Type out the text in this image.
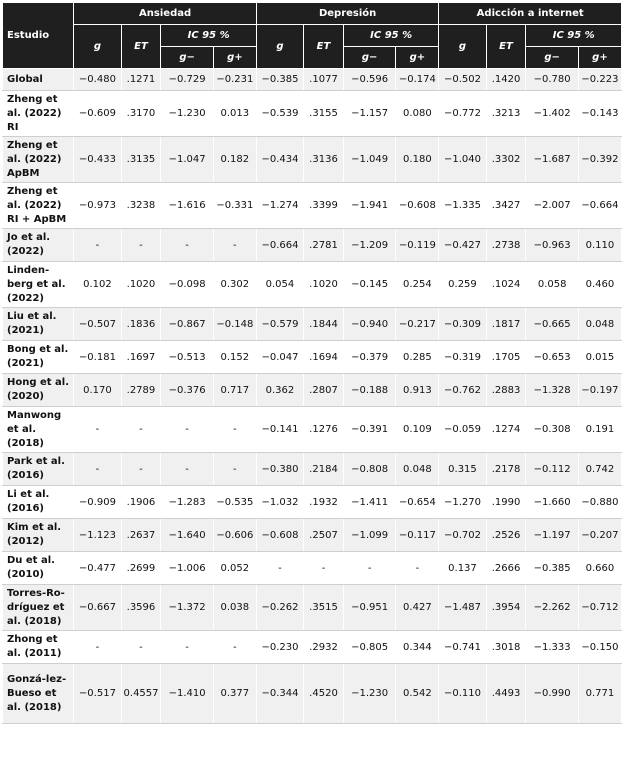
Estudio	Ansiedad				Depresión				Adicción a internet			
	g	ET	IC 95 %		g	ET	IC 95 %		g	ET	IC 95 %	
			g−	g+			g−	g+			g−	g+
Global	−0.480	.1271	−0.729	−0.231	−0.385	.1077	−0.596	−0.174	−0.502	.1420	−0.780	−0.223
Zheng et al. (2022) RI	−0.609	.3170	−1.230	0.013	−0.539	.3155	−1.157	0.080	−0.772	.3213	−1.402	−0.143
Zheng et al. (2022) ApBM	−0.433	.3135	−1.047	0.182	−0.434	.3136	−1.049	0.180	−1.040	.3302	−1.687	−0.392
Zheng et al. (2022) RI + ApBM	−0.973	.3238	−1.616	−0.331	−1.274	.3399	−1.941	−0.608	−1.335	.3427	−2.007	−0.664
Jo et al. (2022)	-	-	-	-	−0.664	.2781	−1.209	−0.119	−0.427	.2738	−0.963	0.110
Linden-berg et al. (2022)	0.102	.1020	−0.098	0.302	0.054	.1020	−0.145	0.254	0.259	.1024	0.058	0.460
Liu et al. (2021)	−0.507	.1836	−0.867	−0.148	−0.579	.1844	−0.940	−0.217	−0.309	.1817	−0.665	0.048
Bong et al. (2021)	−0.181	.1697	−0.513	0.152	−0.047	.1694	−0.379	0.285	−0.319	.1705	−0.653	0.015
Hong et al. (2020)	0.170	.2789	−0.376	0.717	0.362	.2807	−0.188	0.913	−0.762	.2883	−1.328	−0.197
Manwong et al. (2018)	-	-	-	-	−0.141	.1276	−0.391	0.109	−0.059	.1274	−0.308	0.191
Park et al. (2016)	-	-	-	-	−0.380	.2184	−0.808	0.048	0.315	.2178	−0.112	0.742
Li et al. (2016)	−0.909	.1906	−1.283	−0.535	−1.032	.1932	−1.411	−0.654	−1.270	.1990	−1.660	−0.880
Kim et al. (2012)	−1.123	.2637	−1.640	−0.606	−0.608	.2507	−1.099	−0.117	−0.702	.2526	−1.197	−0.207
Du et al. (2010)	−0.477	.2699	−1.006	0.052	-	-	-	-	0.137	.2666	−0.385	0.660
Torres-Ro-dríguez et al. (2018)	−0.667	.3596	−1.372	0.038	−0.262	.3515	−0.951	0.427	−1.487	.3954	−2.262	−0.712
Zhong et al. (2011)	-	-	-	-	−0.230	.2932	−0.805	0.344	−0.741	.3018	−1.333	−0.150
Gonzá-lez-Bueso et al. (2018)	−0.517	0.4557	−1.410	0.377	−0.344	.4520	−1.230	0.542	−0.110	.4493	−0.990	0.771
